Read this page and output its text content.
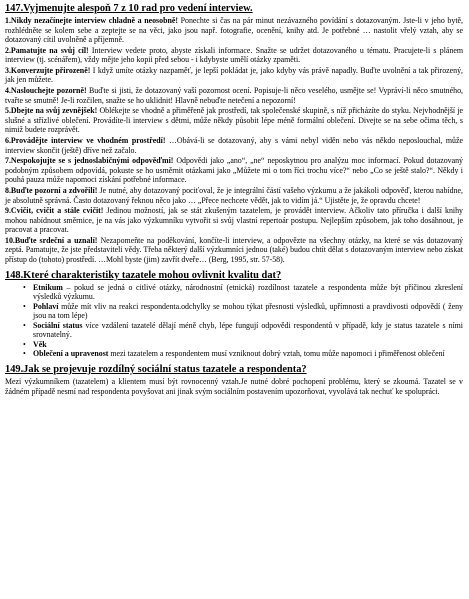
147.Vyjmenujte alespoň 7 z 10 rad pro vedení interview.

1.Nikdy nezačínejte interview chladně a neosobně! Ponechte si čas na pár minut nezávazného povídání s dotazovaným. Jste-li v jeho bytě, rozhlédněte se kolem sebe a zeptejte se na věci, jako jsou např. fotografie, ocenění, knihy atd. Je potřebné … nastolit vřelý vztah, aby se dotazovaný cítil uvolněně a příjemně.

2.Pamatujte na svůj cíl! Interview vedete proto, abyste získali informace. Snažte se udržet dotazovaného u tématu. Pracujete-li s plánem interview (tj. scénářem), vždy mějte jeho kopii před sebou - i kdybyste umělí otázky zpaměti.

3.Konverzujte přirozeně! I když umíte otázky nazpaměť, je lepší pokládat je, jako kdyby vás právě napadly. Buďte uvolnění a tak přirozený, jak jen můžete.

4.Naslouchejte pozorně! Buďte si jisti, že dotazovaný vaší pozornost ocení. Popisuje-li něco veselého, usmějte se! Vypráví-li něco smutného, tvařte se smutně! Je-li rozčilen, snažte se ho uklidnit! Hlavně nebuďte netečení a nepozorní!

5.Dbejte na svůj zevnějšek! Oblékejte se vhodně a přiměřeně jak prostředí, tak společenské skupině, s níž přicházíte do styku. Nejvhodnější je slušné a střízlivé oblečení. Provádíte-li interview s dětmi, může někdy působit lépe méně formální oblečení. Divejte se na sebe očima těch, s nimiž budete rozprávět.

6.Provádějte interview ve vhodném prostředí! …Obává-li se dotazovaný, aby s vámi nebyl viděn nebo vás někdo neposlouchal, může interview skončit (ještě) dříve než začalo.

7.Nespokojujte se s jednoslabičnými odpověďmi! Odpovědi jako „ano“, „ne“ neposkytnou pro analýzu moc informací. Pokud dotazovaný podobným způsobem odpovídá, pokuste se ho usměrnit otázkami jako „Můžete mi o tom říci trochu více?“ nebo „Co se ještě stalo?“. Někdy i pouhá pauza může napomoci získání potřebné informace.

8.Buďte pozorní a zdvořilí! Je nutné, aby dotazovaný pociťoval, že je integrální částí vašeho výzkumu a že jakákoli odpověď, kterou nabídne, je absolutně správná. Často dotazovaný řeknou něco jako … „Přece nechcete vědět, jak to vidím já.“ Ujistěte je, že opravdu chcete!

9.Cvičit, cvičit a stále cvičit! Jedinou možností, jak se stát zkušeným tazatelem, je provádět interview. Ačkoliv tato příručka i další knihy mohou nabídnout směrnice, je na vás jako výzkumníku vytvořit si svůj vlastní repertoár postupu. Nejlepším způsobem, jak toho dosáhnout, je pracovat a pracovat.

10.Buďte srdeční a uznalí! Nezapomeňte na poděkování, končíte-li interview, a odpovězte na všechny otázky, na které se vás dotazovaný zeptá. Pamatujte, že jste představiteli vědy. Třeba některý další výzkumníci jednou (také) budou chtít dělat s dotazovaným interview nebo získat přístup do (tohoto) prostředí. …Mohl byste (jim) zavřít dveře… (Berg, 1995, str. 57-58).

148.Které charakteristiky tazatele mohou ovlivnit kvalitu dat?
• Etnikum – pokud se jedná o citlivé otázky, národnostní (etnická) rozdílnost tazatele a respondenta může být příčinou zkreslení výsledků výzkumu.
• Pohlaví může mít vliv na reakci respondenta.odchylky se mohou týkat přesnosti výsledků, upřímnosti a pravdivosti odpovědí ( ženy jsou na tom lépe)
• Sociální status více vzdálení tazatelé dělají méně chyb, lépe fungují odpovědi respondentů v případě, kdy je status tazatele s ními srovnatelný.
• Věk
• Oblečení a upravenost mezi tazatelem a respondentem musí vzniknout dobrý vztah, tomu může napomoci i přiměřenost oblečení
149.Jak se projevuje rozdílný sociální status tazatele a respondenta?

Mezi výzkumníkem (tazatelem) a klientem musí být rovnocenný vztah.Je nutné dobré pochopení problému, který se zkoumá. Tazatel se v žádném případě nesmí nad respondenta povyšovat ani jinak svým sociálním postavením upozorňovat, vyvolává tak nechuť ke spolupráci.
